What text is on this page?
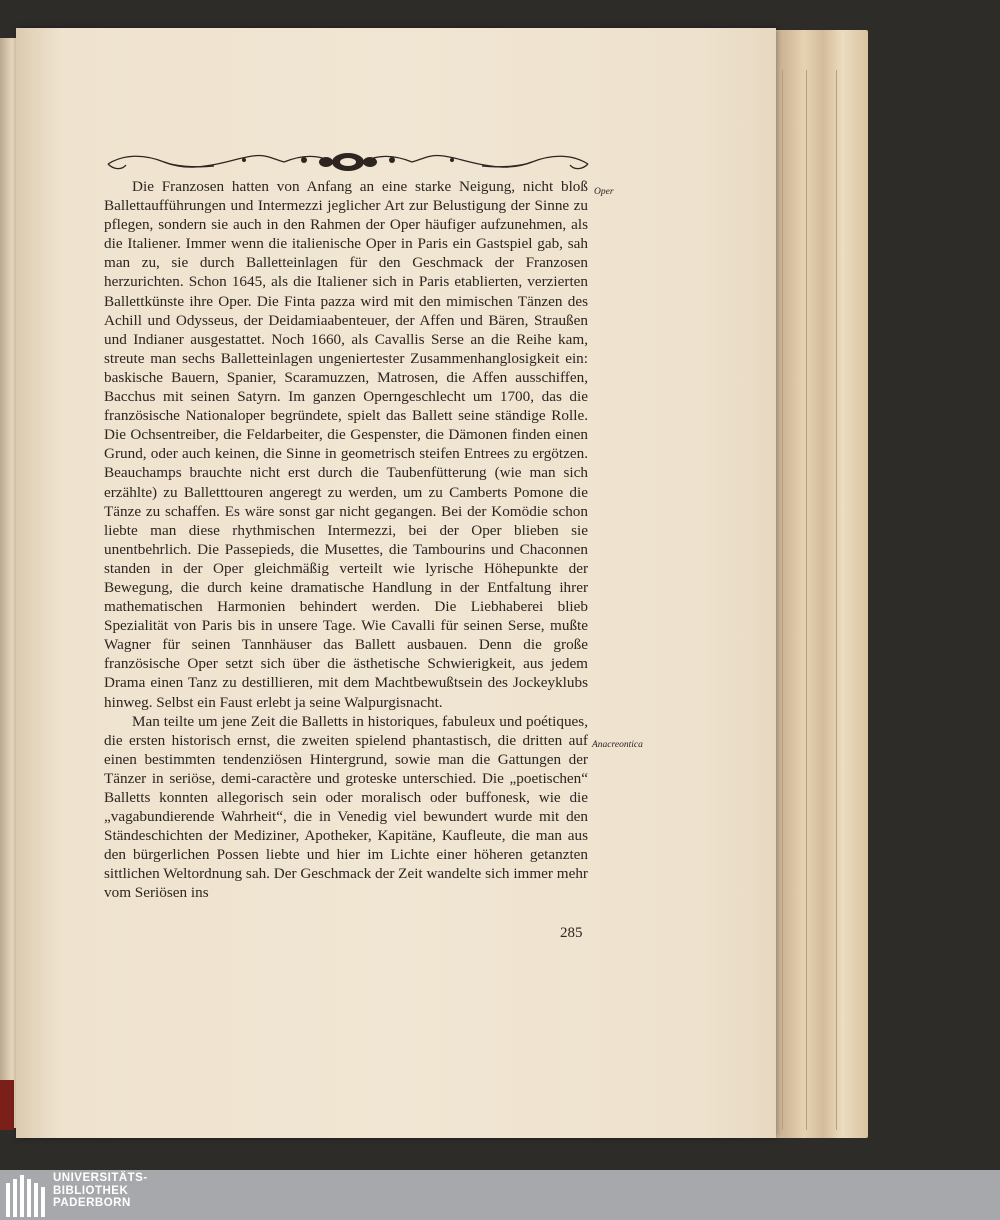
Die Franzosen hatten von Anfang an eine starke Neigung, nicht bloß Ballettaufführungen und Intermezzi jeglicher Art zur Belustigung der Sinne zu pflegen, sondern sie auch in den Rahmen der Oper häufiger aufzunehmen, als die Italiener. Immer wenn die italienische Oper in Paris ein Gastspiel gab, sah man zu, sie durch Balletteinlagen für den Geschmack der Franzosen herzurichten. Schon 1645, als die Italiener sich in Paris etablierten, verzierten Ballettkünste ihre Oper. Die Finta pazza wird mit den mimischen Tänzen des Achill und Odysseus, der Deidamiaabenteuer, der Affen und Bären, Straußen und Indianer ausgestattet. Noch 1660, als Cavallis Serse an die Reihe kam, streute man sechs Balletteinlagen ungeniertester Zusammenhanglosigkeit ein: baskische Bauern, Spanier, Scaramuzzen, Matrosen, die Affen ausschiffen, Bacchus mit seinen Satyrn. Im ganzen Operngeschlecht um 1700, das die französische Nationaloper begründete, spielt das Ballett seine ständige Rolle. Die Ochsentreiber, die Feldarbeiter, die Gespenster, die Dämonen finden einen Grund, oder auch keinen, die Sinne in geometrisch steifen Entrees zu ergötzen. Beauchamps brauchte nicht erst durch die Taubenfütterung (wie man sich erzählte) zu Balletttouren angeregt zu werden, um zu Camberts Pomone die Tänze zu schaffen. Es wäre sonst gar nicht gegangen. Bei der Komödie schon liebte man diese rhythmischen Intermezzi, bei der Oper blieben sie unentbehrlich. Die Passepieds, die Musettes, die Tambourins und Chaconnen standen in der Oper gleichmäßig verteilt wie lyrische Höhepunkte der Bewegung, die durch keine dramatische Handlung in der Entfaltung ihrer mathematischen Harmonien behindert werden. Die Liebhaberei blieb Spezialität von Paris bis in unsere Tage. Wie Cavalli für seinen Serse, mußte Wagner für seinen Tannhäuser das Ballett ausbauen. Denn die große französische Oper setzt sich über die ästhetische Schwierigkeit, aus jedem Drama einen Tanz zu destillieren, mit dem Machtbewußtsein des Jockeyklubs hinweg. Selbst ein Faust erlebt ja seine Walpurgisnacht.

Man teilte um jene Zeit die Balletts in historiques, fabuleux und poétiques, die ersten historisch ernst, die zweiten spielend phantastisch, die dritten auf einen bestimmten tendenziösen Hintergrund, sowie man die Gattungen der Tänzer in seriöse, demi-caractère und groteske unterschied. Die „poetischen“ Balletts konnten allegorisch sein oder moralisch oder buffonesk, wie die „vagabundierende Wahrheit“, die in Venedig viel bewundert wurde mit den Ständeschichten der Mediziner, Apotheker, Kapitäne, Kaufleute, die man aus den bürgerlichen Possen liebte und hier im Lichte einer höheren getanzten sittlichen Weltordnung sah. Der Geschmack der Zeit wandelte sich immer mehr vom Seriösen ins

Oper
Anacreontica
285
UNIVERSITÄTS-
BIBLIOTHEK
PADERBORN
